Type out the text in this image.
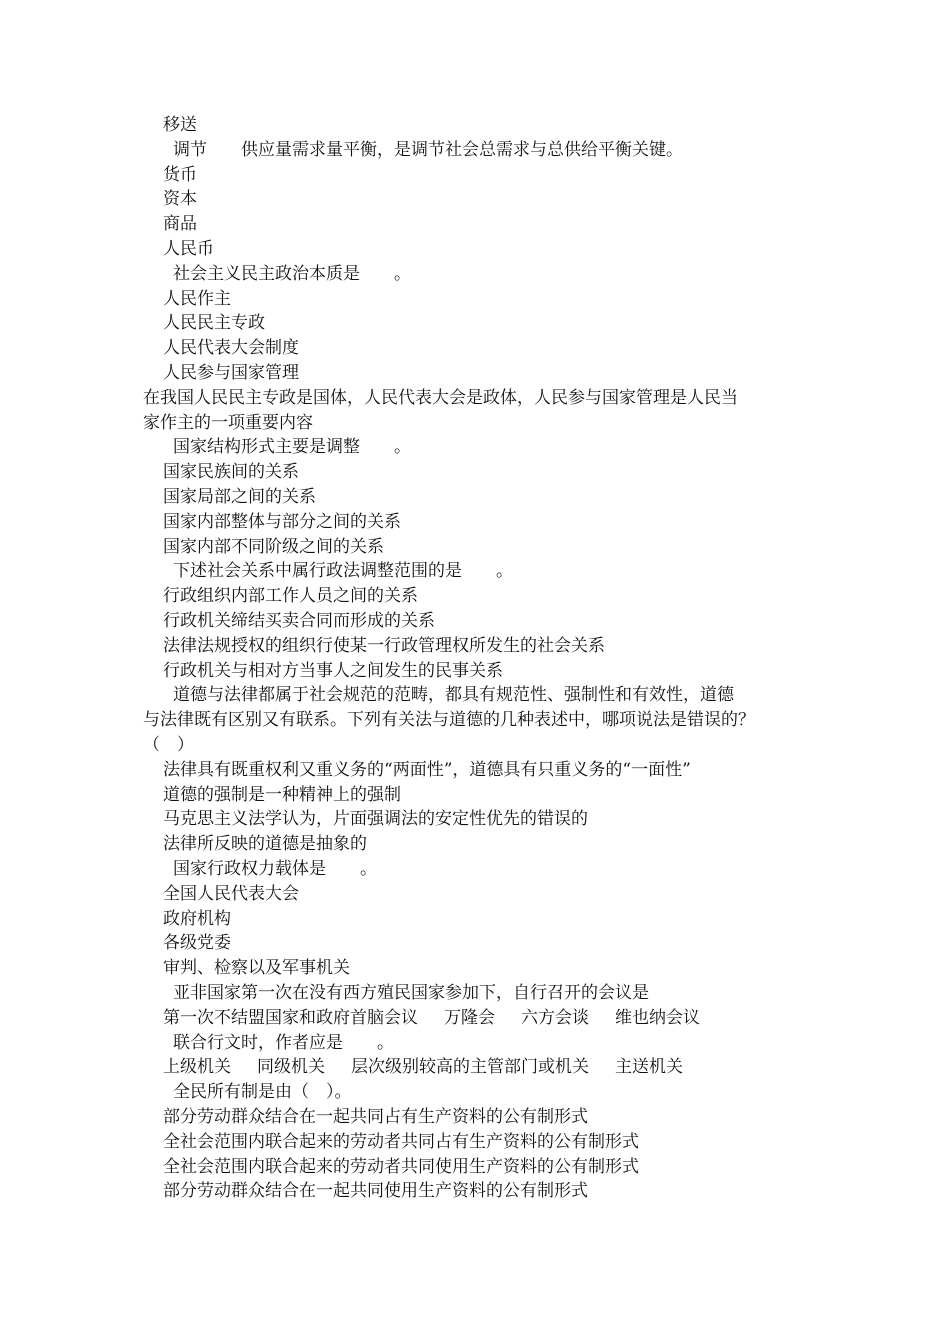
移送
调节　　供应量需求量平衡，是调节社会总需求与总供给平衡关键。
货币
资本
商品
人民币
社会主义民主政治本质是　　。
人民作主
人民民主专政
人民代表大会制度
人民参与国家管理
在我国人民民主专政是国体，人民代表大会是政体，人民参与国家管理是人民当
家作主的一项重要内容
国家结构形式主要是调整　　。
国家民族间的关系
国家局部之间的关系
国家内部整体与部分之间的关系
国家内部不同阶级之间的关系
下述社会关系中属行政法调整范围的是　　。
行政组织内部工作人员之间的关系
行政机关缔结买卖合同而形成的关系
法律法规授权的组织行使某一行政管理权所发生的社会关系
行政机关与相对方当事人之间发生的民事关系
道德与法律都属于社会规范的范畴，都具有规范性、强制性和有效性，道德
与法律既有区别又有联系。下列有关法与道德的几种表述中，哪项说法是错误的？
（　）
法律具有既重权利又重义务的“两面性”，道德具有只重义务的“一面性”
道德的强制是一种精神上的强制
马克思主义法学认为，片面强调法的安定性优先的错误的
法律所反映的道德是抽象的
国家行政权力载体是　　。
全国人民代表大会
政府机构
各级党委
审判、检察以及军事机关
亚非国家第一次在没有西方殖民国家参加下，自行召开的会议是
第一次不结盟国家和政府首脑会议 万隆会 六方会谈 维也纳会议
联合行文时，作者应是　　。
上级机关 同级机关 层次级别较高的主管部门或机关 主送机关
全民所有制是由（　）。
部分劳动群众结合在一起共同占有生产资料的公有制形式
全社会范围内联合起来的劳动者共同占有生产资料的公有制形式
全社会范围内联合起来的劳动者共同使用生产资料的公有制形式
部分劳动群众结合在一起共同使用生产资料的公有制形式
